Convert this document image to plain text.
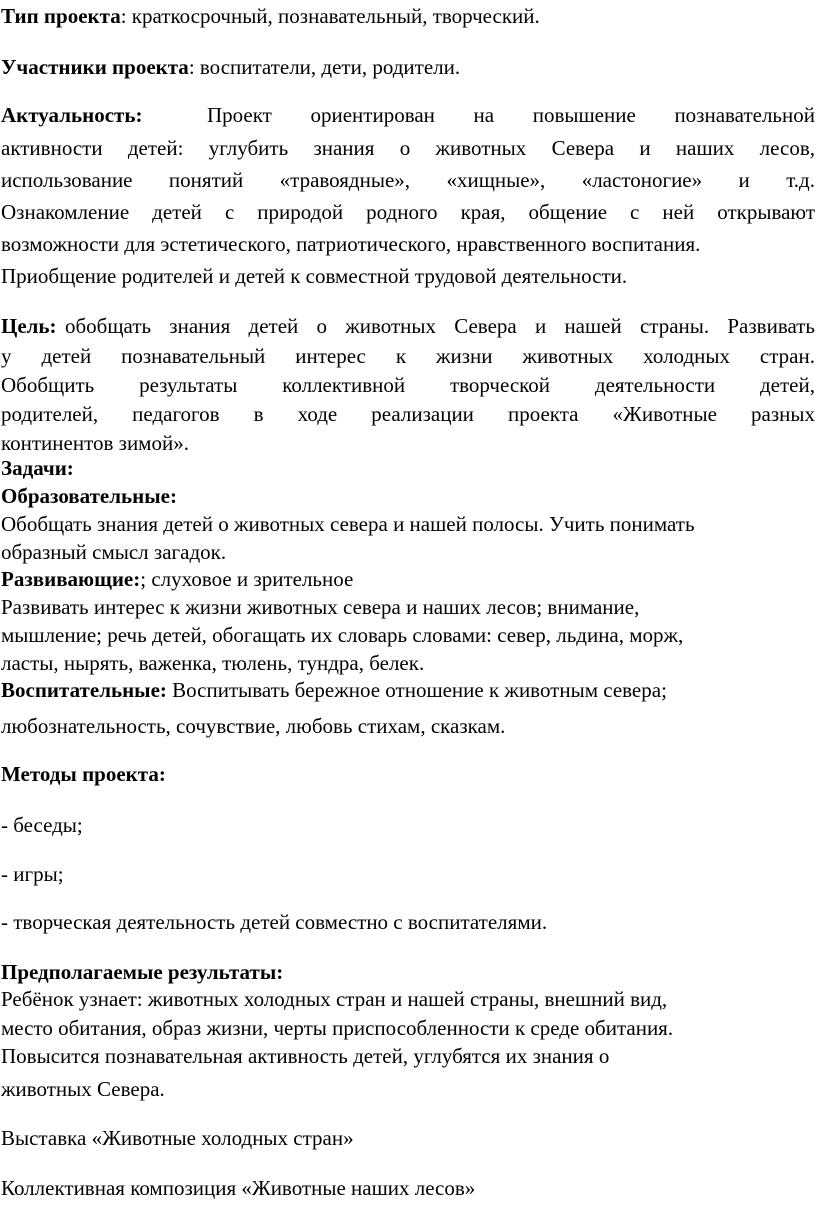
Тип проекта: краткосрочный, познавательный, творческий.
Участники проекта: воспитатели, дети, родители.
Актуальность:	Проект ориентирован на повышение познавательной
активности детей: углубить знания о животных Севера и наших лесов,
использование понятий «травоядные», «хищные», «ластоногие» и т.д.
Ознакомление детей с природой родного края, общение с ней открывают
возможности для эстетического, патриотического, нравственного воспитания.
Приобщение родителей и детей к совместной трудовой деятельности.
Цель:обобщать знания детей о животных Севера и нашей страны. Развивать
у детей познавательный интерес к жизни животных холодных стран.
Обобщить результаты коллективной творческой деятельности детей,
родителей, педагогов в ходе реализации проекта «Животные разных
континентов зимой».
Задачи:
Образовательные:
Обобщать знания детей о животных севера и нашей полосы. Учить понимать
образный смысл загадок.
Развивающие:; слуховое и зрительное
Развивать интерес к жизни животных севера и наших лесов; внимание,
мышление; речь детей, обогащать их словарь словами: север, льдина, морж,
ласты, нырять, важенка, тюлень, тундра, белек.
Воспитательные: Воспитывать бережное отношение к животным севера;
любознательность, сочувствие, любовь стихам, сказкам.
Методы проекта:
- беседы;
- игры;
- творческая деятельность детей совместно с воспитателями.
Предполагаемые результаты:
Ребёнок узнает: животных холодных стран и нашей страны, внешний вид,
место обитания, образ жизни, черты приспособленности к среде обитания.
Повысится познавательная активность детей, углубятся их знания о
животных Севера.
Выставка «Животные холодных стран»
Коллективная композиция «Животные наших лесов»
